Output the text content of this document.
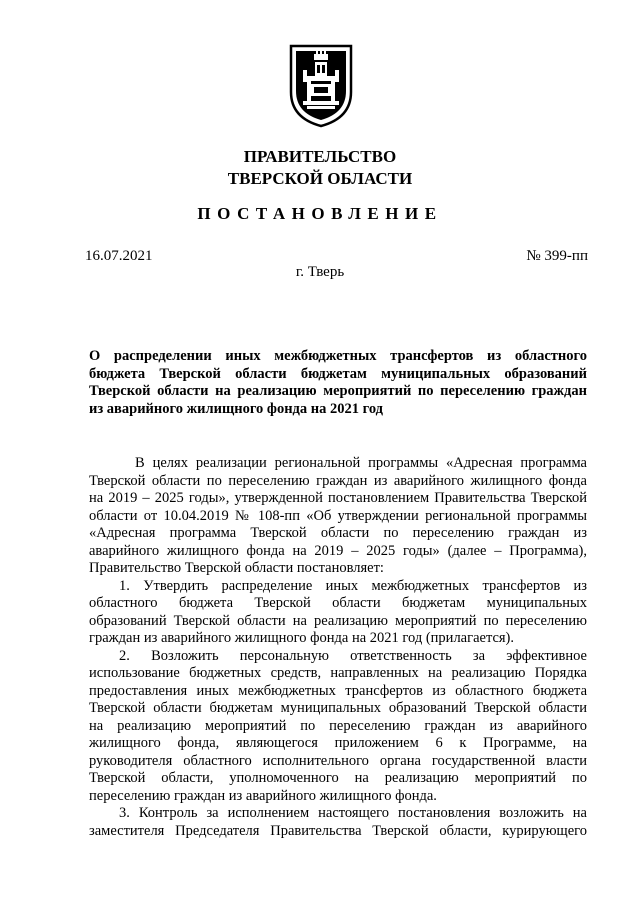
ПРАВИТЕЛЬСТВО
ТВЕРСКОЙ ОБЛАСТИ
ПОСТАНОВЛЕНИЕ
16.07.2021	№ 399-пп
г. Тверь
О распределении иных межбюджетных трансфертов из областного
бюджета Тверской области бюджетам муниципальных образований
Тверской области на реализацию мероприятий по переселению граждан
из аварийного жилищного фонда на 2021 год
В целях реализации региональной программы «Адресная программа
Тверской области по переселению граждан из аварийного жилищного фонда
на 2019 – 2025 годы», утвержденной постановлением Правительства Тверской
области от 10.04.2019 № 108-пп «Об утверждении региональной программы
«Адресная программа Тверской области по переселению граждан из
аварийного жилищного фонда на 2019 – 2025 годы» (далее – Программа),
Правительство Тверской области постановляет:
1. Утвердить распределение иных межбюджетных трансфертов из
областного бюджета Тверской области бюджетам муниципальных
образований Тверской области на реализацию мероприятий по переселению
граждан из аварийного жилищного фонда на 2021 год (прилагается).
2. Возложить персональную ответственность за эффективное
использование бюджетных средств, направленных на реализацию Порядка
предоставления иных межбюджетных трансфертов из областного бюджета
Тверской области бюджетам муниципальных образований Тверской области
на реализацию мероприятий по переселению граждан из аварийного
жилищного фонда, являющегося приложением 6 к Программе, на
руководителя областного исполнительного органа государственной власти
Тверской области, уполномоченного на реализацию мероприятий по
переселению граждан из аварийного жилищного фонда.
3. Контроль за исполнением настоящего постановления возложить на
заместителя Председателя Правительства Тверской области, курирующего
